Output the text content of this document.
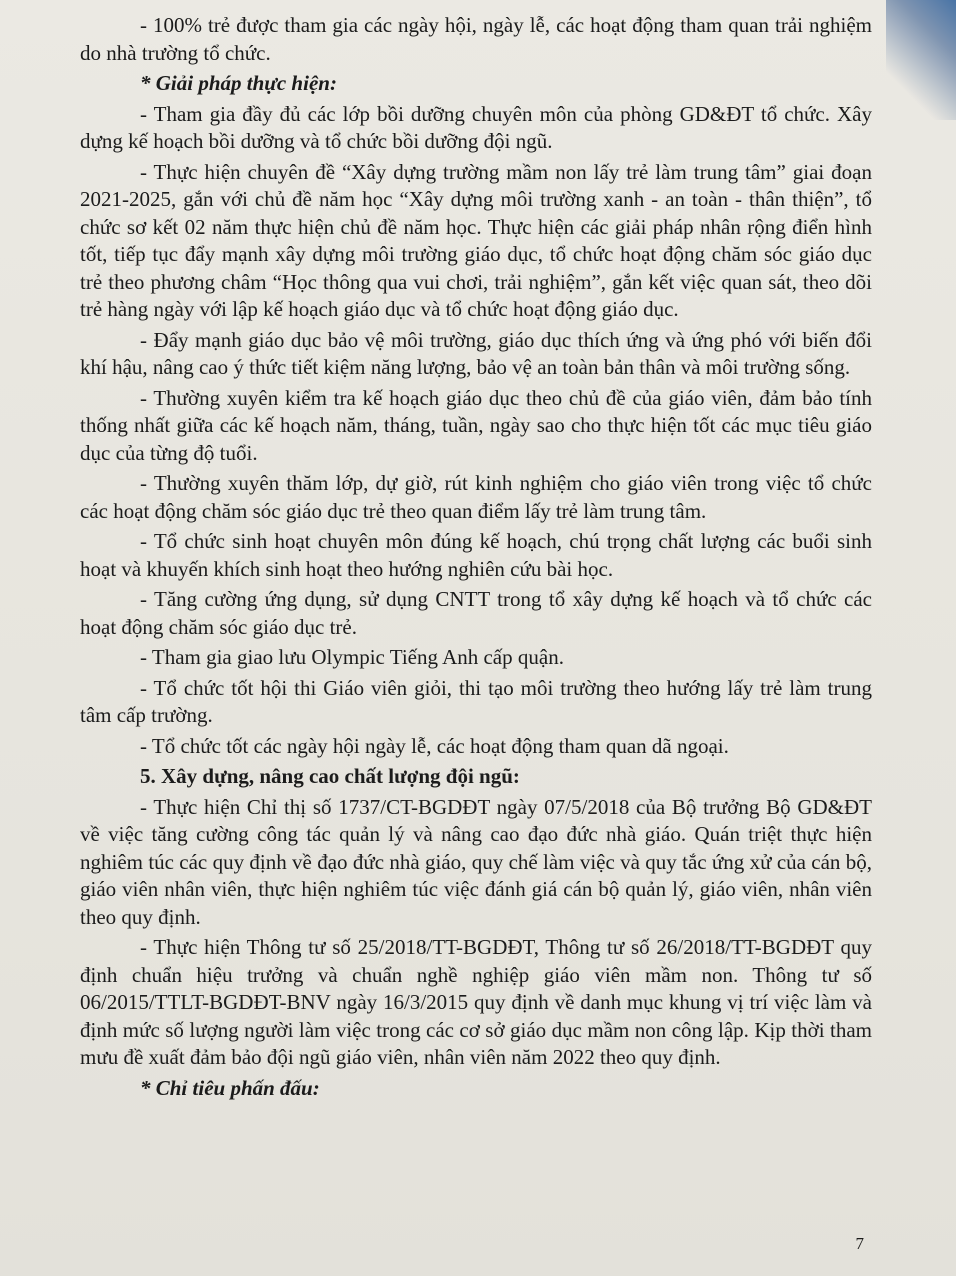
- 100% trẻ được tham gia các ngày hội, ngày lễ, các hoạt động tham quan trải nghiệm do nhà trường tổ chức.

* Giải pháp thực hiện:

- Tham gia đầy đủ các lớp bồi dưỡng chuyên môn của phòng GD&ĐT tổ chức. Xây dựng kế hoạch bồi dưỡng và tổ chức bồi dưỡng đội ngũ.

- Thực hiện chuyên đề “Xây dựng trường mầm non lấy trẻ làm trung tâm” giai đoạn 2021-2025, gắn với chủ đề năm học “Xây dựng môi trường xanh - an toàn - thân thiện”, tổ chức sơ kết 02 năm thực hiện chủ đề năm học. Thực hiện các giải pháp nhân rộng điển hình tốt, tiếp tục đẩy mạnh xây dựng môi trường giáo dục, tổ chức hoạt động chăm sóc giáo dục trẻ theo phương châm “Học thông qua vui chơi, trải nghiệm”, gắn kết việc quan sát, theo dõi trẻ hàng ngày với lập kế hoạch giáo dục và tổ chức hoạt động giáo dục.

- Đẩy mạnh giáo dục bảo vệ môi trường, giáo dục thích ứng và ứng phó với biến đổi khí hậu, nâng cao ý thức tiết kiệm năng lượng, bảo vệ an toàn bản thân và môi trường sống.

- Thường xuyên kiểm tra kế hoạch giáo dục theo chủ đề của giáo viên, đảm bảo tính thống nhất giữa các kế hoạch năm, tháng, tuần, ngày sao cho thực hiện tốt các mục tiêu giáo dục của từng độ tuổi.

- Thường xuyên thăm lớp, dự giờ, rút kinh nghiệm cho giáo viên trong việc tổ chức các hoạt động chăm sóc giáo dục trẻ theo quan điểm lấy trẻ làm trung tâm.

- Tổ chức sinh hoạt chuyên môn đúng kế hoạch, chú trọng chất lượng các buổi sinh hoạt và khuyến khích sinh hoạt theo hướng nghiên cứu bài học.

- Tăng cường ứng dụng, sử dụng CNTT trong tổ xây dựng kế hoạch và tổ chức các hoạt động chăm sóc giáo dục trẻ.

- Tham gia giao lưu Olympic Tiếng Anh cấp quận.

- Tổ chức tốt hội thi Giáo viên giỏi, thi tạo môi trường theo hướng lấy trẻ làm trung tâm cấp trường.

- Tổ chức tốt các ngày hội ngày lễ, các hoạt động tham quan dã ngoại.

5. Xây dựng, nâng cao chất lượng đội ngũ:

- Thực hiện Chỉ thị số 1737/CT-BGDĐT ngày 07/5/2018 của Bộ trưởng Bộ GD&ĐT về việc tăng cường công tác quản lý và nâng cao đạo đức nhà giáo. Quán triệt thực hiện nghiêm túc các quy định về đạo đức nhà giáo, quy chế làm việc và quy tắc ứng xử của cán bộ, giáo viên nhân viên, thực hiện nghiêm túc việc đánh giá cán bộ quản lý, giáo viên, nhân viên theo quy định.

- Thực hiện Thông tư số 25/2018/TT-BGDĐT, Thông tư số 26/2018/TT-BGDĐT quy định chuẩn hiệu trưởng và chuẩn nghề nghiệp giáo viên mầm non. Thông tư số 06/2015/TTLT-BGDĐT-BNV ngày 16/3/2015 quy định về danh mục khung vị trí việc làm và định mức số lượng người làm việc trong các cơ sở giáo dục mầm non công lập. Kịp thời tham mưu đề xuất đảm bảo đội ngũ giáo viên, nhân viên năm 2022 theo quy định.

* Chỉ tiêu phấn đấu:

7
